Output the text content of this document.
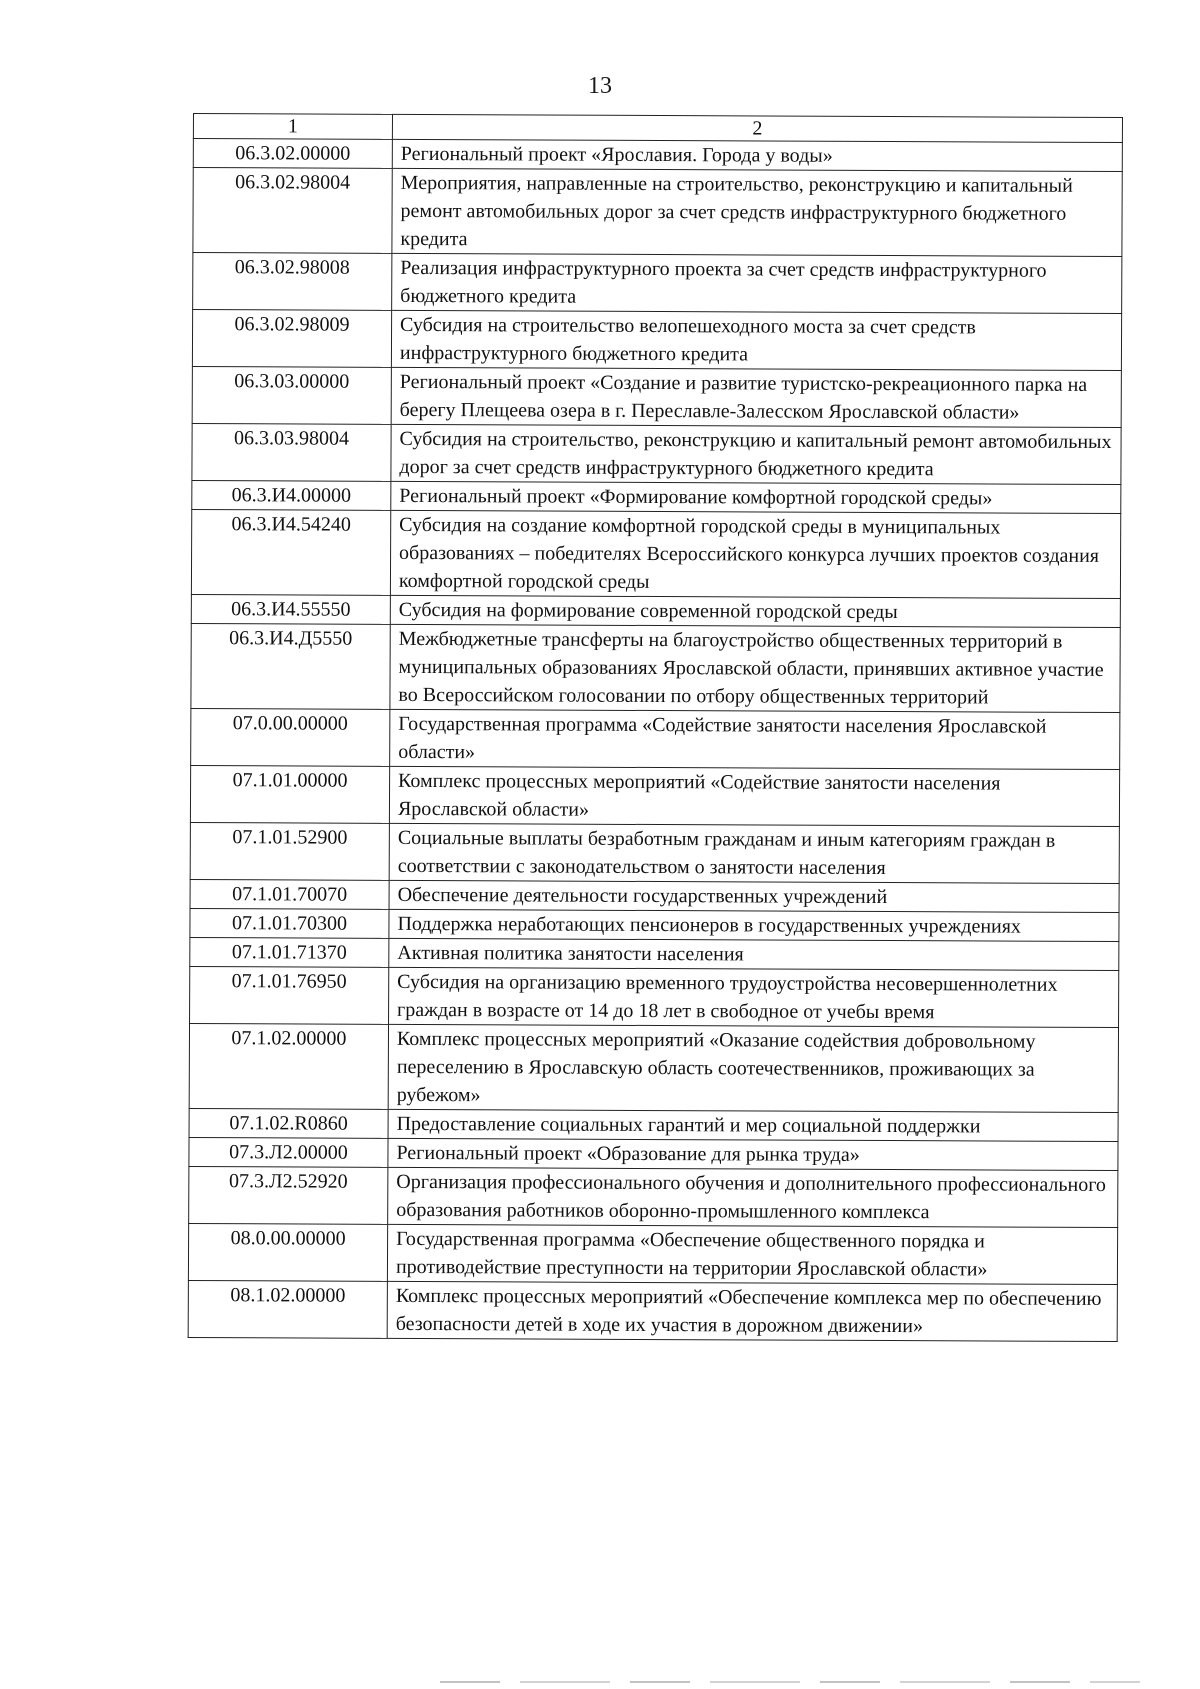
13
1	2
06.3.02.00000	Региональный проект «Ярославия. Города у воды»
06.3.02.98004	Мероприятия, направленные на строительство, реконструкцию и капитальный ремонт автомобильных дорог за счет средств инфраструктурного бюджетного кредита
06.3.02.98008	Реализация инфраструктурного проекта за счет средств инфраструктурного бюджетного кредита
06.3.02.98009	Субсидия на строительство велопешеходного моста за счет средств инфраструктурного бюджетного кредита
06.3.03.00000	Региональный проект «Создание и развитие туристско-рекреационного парка на берегу Плещеева озера в г. Переславле-Залесском Ярославской области»
06.3.03.98004	Субсидия на строительство, реконструкцию и капитальный ремонт автомобильных дорог за счет средств инфраструктурного бюджетного кредита
06.3.И4.00000	Региональный проект «Формирование комфортной городской среды»
06.3.И4.54240	Субсидия на создание комфортной городской среды в муниципальных образованиях – победителях Всероссийского конкурса лучших проектов создания комфортной городской среды
06.3.И4.55550	Субсидия на формирование современной городской среды
06.3.И4.Д5550	Межбюджетные трансферты на благоустройство общественных территорий в муниципальных образованиях Ярославской области, принявших активное участие во Всероссийском голосовании по отбору общественных территорий
07.0.00.00000	Государственная программа «Содействие занятости населения Ярославской области»
07.1.01.00000	Комплекс процессных мероприятий «Содействие занятости населения Ярославской области»
07.1.01.52900	Социальные выплаты безработным гражданам и иным категориям граждан в соответствии с законодательством о занятости населения
07.1.01.70070	Обеспечение деятельности государственных учреждений
07.1.01.70300	Поддержка неработающих пенсионеров в государственных учреждениях
07.1.01.71370	Активная политика занятости населения
07.1.01.76950	Субсидия на организацию временного трудоустройства несовершеннолетних граждан в возрасте от 14 до 18 лет в свободное от учебы время
07.1.02.00000	Комплекс процессных мероприятий «Оказание содействия добровольному переселению в Ярославскую область соотечественников, проживающих за рубежом»
07.1.02.R0860	Предоставление социальных гарантий и мер социальной поддержки
07.3.Л2.00000	Региональный проект «Образование для рынка труда»
07.3.Л2.52920	Организация профессионального обучения и дополнительного профессионального образования работников оборонно-промышленного комплекса
08.0.00.00000	Государственная программа «Обеспечение общественного порядка и противодействие преступности на территории Ярославской области»
08.1.02.00000	Комплекс процессных мероприятий «Обеспечение комплекса мер по обеспечению безопасности детей в ходе их участия в дорожном движении»
